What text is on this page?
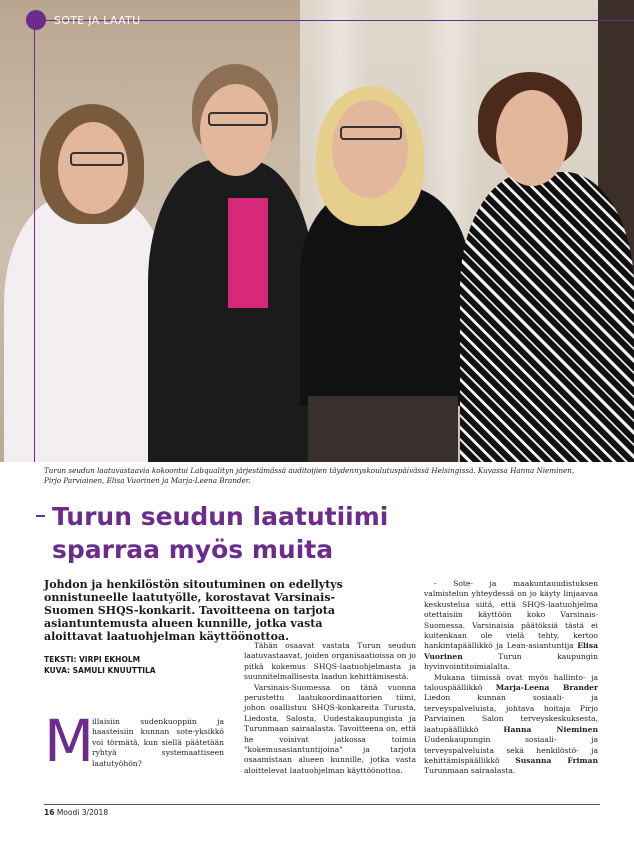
SOTE JA LAATU
Turun seudun laatuvastaavia kokoontui Labqualityn järjestämässä auditoijien täydennyskoulutuspäivässä Helsingissä. Kuvassa Hanna Nieminen, Pirjo Parviainen, Elisa Vuorinen ja Marja-Leena Brander.
Turun seudun laatutiimi
sparraa myös muita
Johdon ja henkilöstön sitoutuminen on edellytys onnistuneelle laatutyölle, korostavat Varsinais-Suomen SHQS-konkarit. Tavoitteena on tarjota asiantuntemusta alueen kunnille, jotka vasta aloittavat laatuohjelman käyttöönottoa.
TEKSTI: VIRPI EKHOLM
KUVA: SAMULI KNUUTTILA
M

illaisiin sudenkuoppiin ja haasteisiin kunnan sote-yksikkö voi törmätä, kun siellä päätetään ryhtyä systemaattiseen laatutyöhön?

Tähän osaavat vastata Turun seudun laatuvastaavat, joiden organisaatioissa on jo pitkä kokemus SHQS-laatuohjelmasta ja suunnitelmallisesta laadun kehittämisestä.

Varsinais-Suomessa on tänä vuonna perustettu laatukoordinaattorien tiimi, johon osallistuu SHQS-konkareita Turusta, Liedosta, Salosta, Uudestakaupungista ja Turunmaan sairaalasta. Tavoitteena on, että he voisivat jatkossa toimia "kokemusasiantuntijoina" ja tarjota osaamistaan alueen kunnille, jotka vasta aloittelevat laatuohjelman käyttöönottoa.

- Sote- ja maakuntauudistuksen valmistelun yhteydessä on jo käyty linjaavaa keskustelua siitä, että SHQS-laatuohjelma otettaisiin käyttöön koko Varsinais-Suomessa. Varsinaisia päätöksiä tästä ei kuitenkaan ole vielä tehty, kertoo hankintapäällikkö ja Lean-asiantuntija Elisa Vuorinen	Turun kaupungin hyvinvointitoimialalta.

Mukana tiimissä ovat myös hallinto- ja talouspäällikkö Marja-Leena Brander Liedon kunnan sosiaali- ja terveyspalveluista, johtava hoitaja Pirjo Parviainen Salon terveyskeskuksesta, laatupäällikkö	Hanna Nieminen Uudenkaupungin sosiaali- ja terveyspalveluista sekä henkilöstö- ja kehittämispäällikkö Susanna Friman Turunmaan sairaalasta.

16 Moodi 3/2018
